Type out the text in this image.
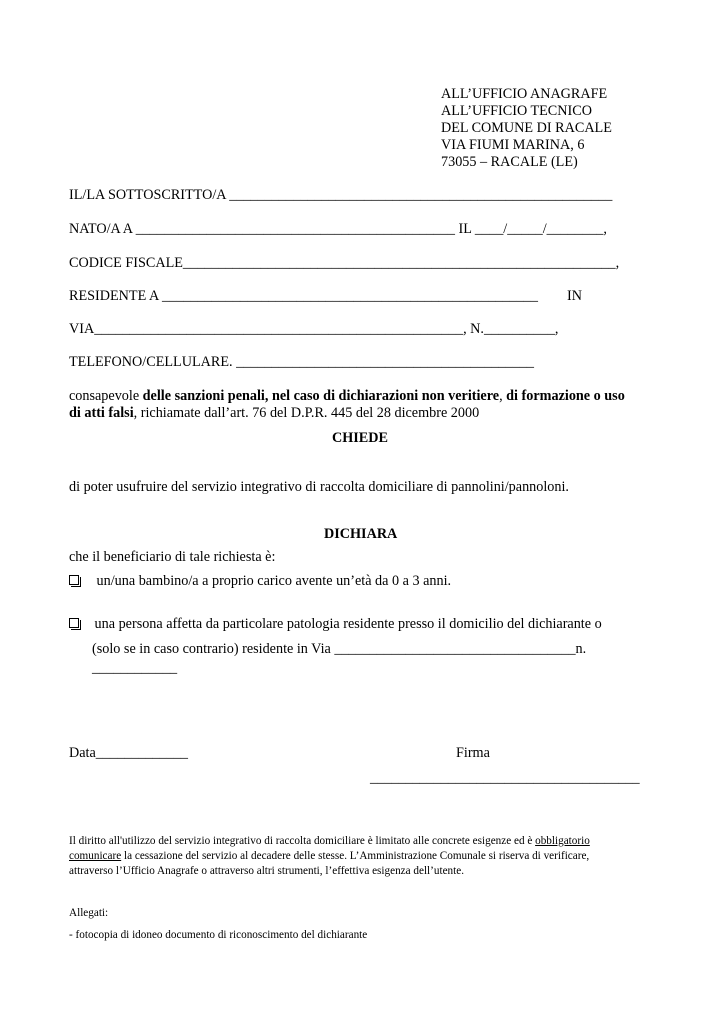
ALL’UFFICIO ANAGRAFE
ALL’UFFICIO TECNICO
DEL COMUNE DI RACALE
VIA FIUMI MARINA, 6
73055 – RACALE (LE)
IL/LA SOTTOSCRITTO/A ______________________________________________________
NATO/A A _____________________________________________ IL ____/_____/________,
CODICE FISCALE_____________________________________________________________,
RESIDENTE A _____________________________________________________ IN
VIA____________________________________________________, N.__________,
TELEFONO/CELLULARE. __________________________________________
consapevole delle sanzioni penali, nel caso di dichiarazioni non veritiere, di formazione o uso
di atti falsi, richiamate dall’art. 76 del D.P.R. 445 del 28 dicembre 2000
CHIEDE
di poter usufruire del servizio integrativo di raccolta domiciliare di pannolini/pannoloni.
DICHIARA
che il beneficiario di tale richiesta è:
un/una bambino/a a proprio carico avente un’età da 0 a 3 anni.
una persona affetta da particolare patologia residente presso il domicilio del dichiarante o
(solo se in caso contrario) residente in Via __________________________________n.
____________
Data_____________	Firma
______________________________________
Il diritto all'utilizzo del servizio integrativo di raccolta domiciliare è limitato alle concrete esigenze ed è obbligatorio
comunicare la cessazione del servizio al decadere delle stesse. L’Amministrazione Comunale si riserva di verificare,
attraverso l’Ufficio Anagrafe o attraverso altri strumenti, l’effettiva esigenza dell’utente.
Allegati:
- fotocopia di idoneo documento di riconoscimento del dichiarante
